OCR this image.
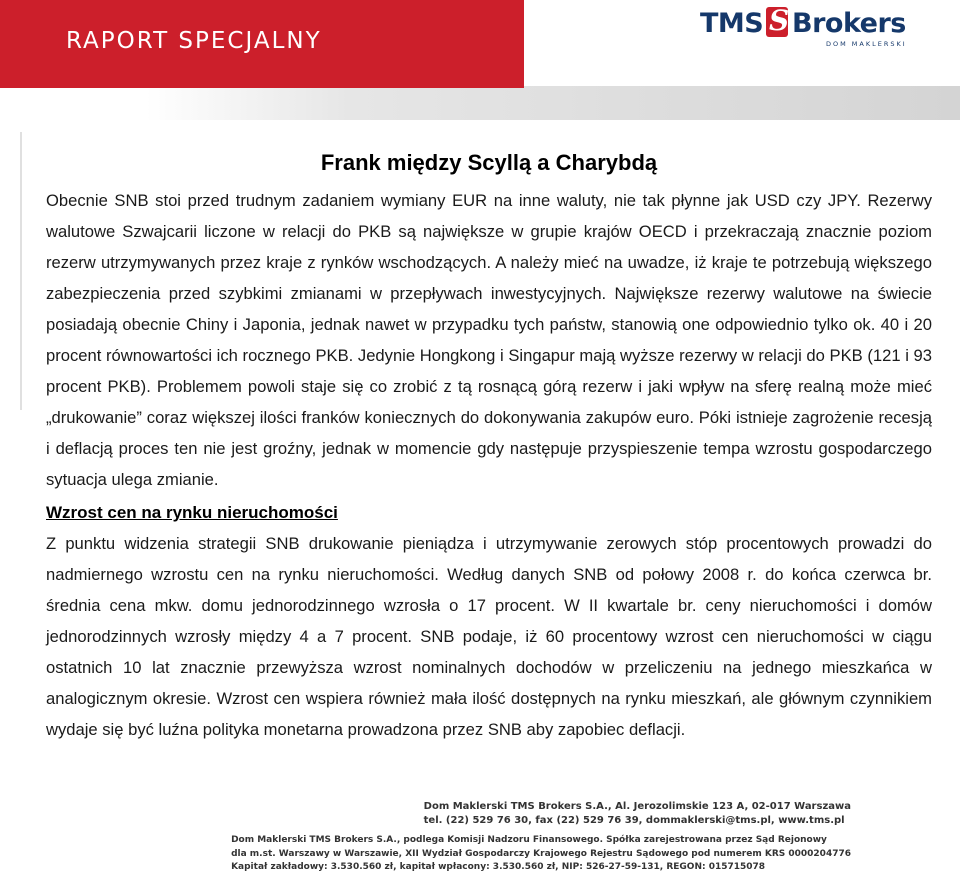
RAPORT SPECJALNY
TMS S Brokers
DOM MAKLERSKI
Frank między Scyllą a Charybdą

Obecnie SNB stoi przed trudnym zadaniem wymiany EUR na inne waluty, nie tak płynne jak USD czy JPY. Rezerwy walutowe Szwajcarii liczone w relacji do PKB są największe w grupie krajów OECD i przekraczają znacznie poziom rezerw utrzymywanych przez kraje z rynków wschodzących. A należy mieć na uwadze, iż kraje te potrzebują większego zabezpieczenia przed szybkimi zmianami w przepływach inwestycyjnych. Największe rezerwy walutowe na świecie posiadają obecnie Chiny i Japonia, jednak nawet w przypadku tych państw, stanowią one odpowiednio tylko ok. 40 i 20 procent równowartości ich rocznego PKB. Jedynie Hongkong i Singapur mają wyższe rezerwy w relacji do PKB (121 i 93 procent PKB). Problemem powoli staje się co zrobić z tą rosnącą górą rezerw i jaki wpływ na sferę realną może mieć „drukowanie” coraz większej ilości franków koniecznych do dokonywania zakupów euro. Póki istnieje zagrożenie recesją i deflacją proces ten nie jest groźny, jednak w momencie gdy następuje przyspieszenie tempa wzrostu gospodarczego sytuacja ulega zmianie.

Wzrost cen na rynku nieruchomości

Z punktu widzenia strategii SNB drukowanie pieniądza i utrzymywanie zerowych stóp procentowych prowadzi do nadmiernego wzrostu cen na rynku nieruchomości. Według danych SNB od połowy 2008 r. do końca czerwca br. średnia cena mkw. domu jednorodzinnego wzrosła o 17 procent. W II kwartale br. ceny nieruchomości i domów jednorodzinnych wzrosły między 4 a 7 procent. SNB podaje, iż 60 procentowy wzrost cen nieruchomości w ciągu ostatnich 10 lat znacznie przewyższa wzrost nominalnych dochodów w przeliczeniu na jednego mieszkańca w analogicznym okresie. Wzrost cen wspiera również mała ilość dostępnych na rynku mieszkań, ale głównym czynnikiem wydaje się być luźna polityka monetarna prowadzona przez SNB aby zapobiec deflacji.

Dom Maklerski TMS Brokers S.A., Al. Jerozolimskie 123 A, 02-017 Warszawa
tel. (22) 529 76 30, fax (22) 529 76 39, dommaklerski@tms.pl, www.tms.pl
Dom Maklerski TMS Brokers S.A., podlega Komisji Nadzoru Finansowego. Spółka zarejestrowana przez Sąd Rejonowy
dla m.st. Warszawy w Warszawie, XII Wydział Gospodarczy Krajowego Rejestru Sądowego pod numerem KRS 0000204776
Kapitał zakładowy: 3.530.560 zł, kapitał wpłacony: 3.530.560 zł, NIP: 526-27-59-131, REGON: 015715078
